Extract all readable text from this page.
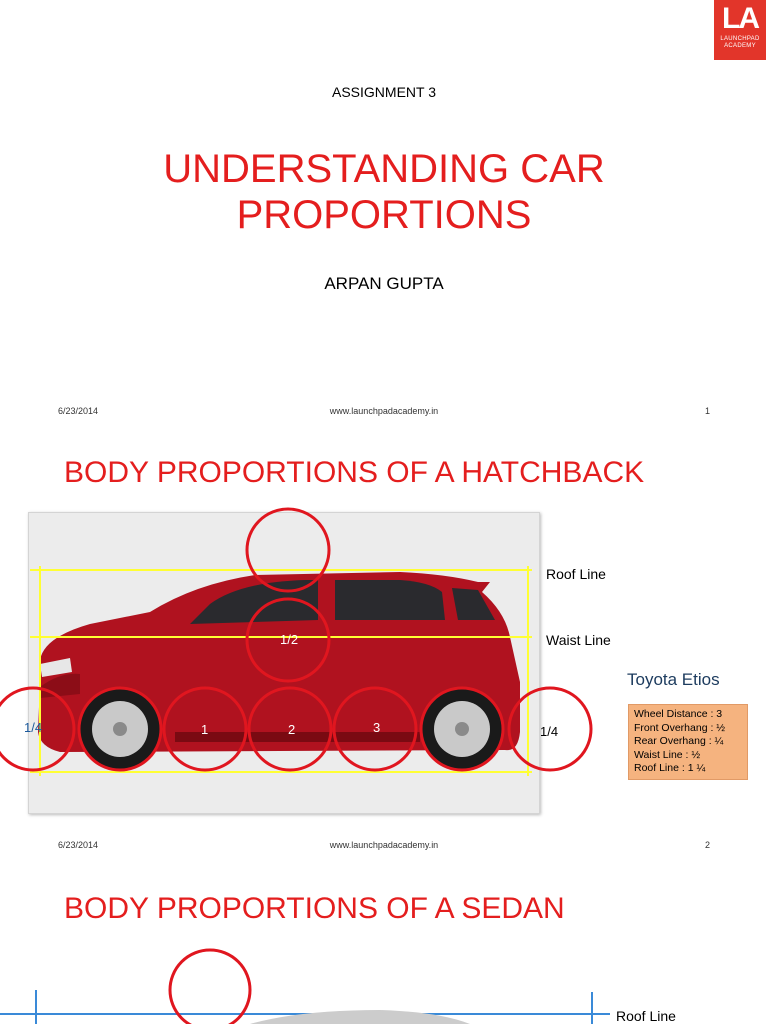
LA
LAUNCHPAD
ACADEMY
ASSIGNMENT 3
UNDERSTANDING CAR
PROPORTIONS
ARPAN GUPTA
6/23/2014	www.launchpadacademy.in	1
BODY PROPORTIONS OF A HATCHBACK
1/2
1/4	1/4
1	2	3
Roof Line
Waist Line
Toyota Etios
Wheel Distance : 3
Front Overhang : ½
Rear Overhang : ¼
Waist Line : ½
Roof Line : 1 ¼
6/23/2014	www.launchpadacademy.in	2
BODY PROPORTIONS OF A SEDAN
Roof Line
